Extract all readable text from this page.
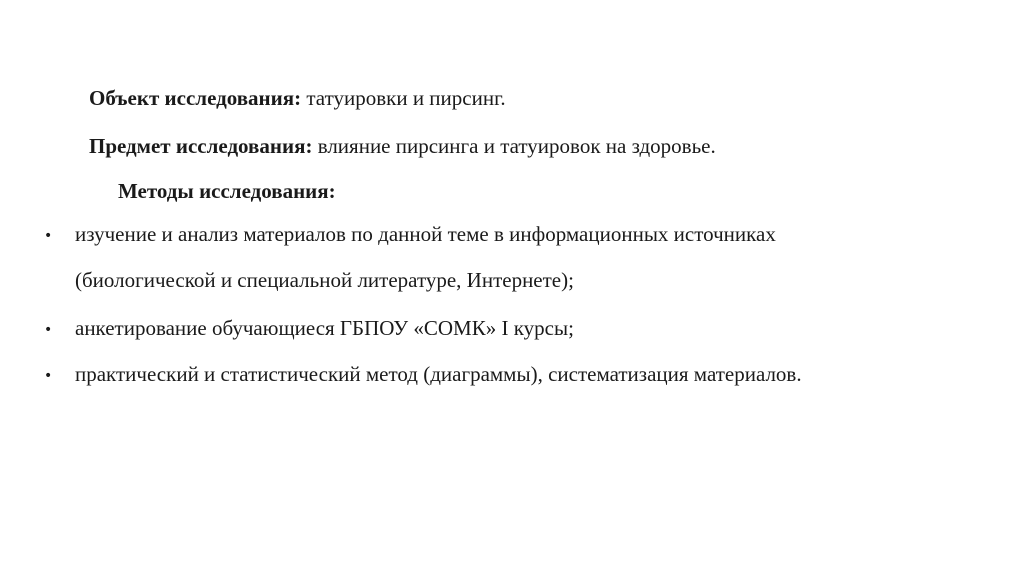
Объект исследования: татуировки и пирсинг.
Предмет исследования: влияние пирсинга и татуировок на здоровье.
Методы исследования:
• изучение и анализ материалов по данной теме в информационных источниках
(биологической и специальной литературе, Интернете);
• анкетирование обучающиеся ГБПОУ «СОМК» I курсы;
• практический и статистический метод (диаграммы), систематизация материалов.
